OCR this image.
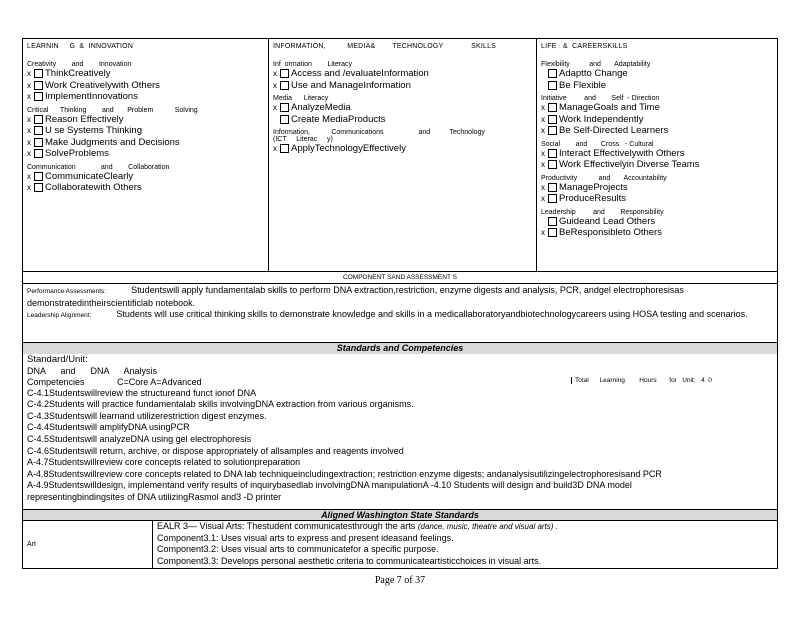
LEARNIN     G  &  INNOVATION
Creativity        and        Innovation
x	ThinkCreatively
x	Work Creativelywith Others
x	ImplementInnovations
Critical      Thinking        and       Problem           Solving
x	Reason Effectively
x	U se Systems Thinking
x	Make Judgments and Decisions
x	SolveProblems
Communication             and        Collaboration
x	CommunicateClearly
x	Collaboratewith Others
INFORMATION,          MEDIA&        TECHNOLOGY             SKILLS
Inf  ormation        Literacy
x	Access and /evaluateInformation
x	Use and ManageInformation
Media      Literacy
x	AnalyzeMedia
Create MediaProducts
Information,           Communications                  and          Technology
(ICT     Literac     y)
x	ApplyTechnologyEffectively
LIFE   &  CAREERSKILLS
Flexibility          and       Adaptability
Adaptto Change
Be Flexible
Initiative         and        Self  - Direction
x	ManageGoals and Time
x	Work Independently
x	Be Self-Directed Learners
Social        and       Cross   - Cultural
x	Interact Effectivelywith Others
x	Work Effectivelyin Diverse Teams
Productivity           and       Accountability
x	ManageProjects
x	ProduceResults
Leadership         and        Responsibility
Guideand Lead Others
x	BeResponsibleto Others
COMPONENT SAND ASSESSMENT S
Performance Assessments:	Studentswill apply fundamentalab skills to perform DNA extraction,restriction, enzyme digests and analysis, PCR, andgel electrophoresisas demonstratedintheirscientificlab notebook.
Leadership Alignment:	Students will use critical thinking skills to demonstrate knowledge and skills in a medicallaboratoryandbiotechnologycareers using HOSA testing and scenarios.
Standards and Competencies
Standard/Unit:
DNA      and      DNA      Analysis
Competencies             C=Core A=Advanced	Total      Learning        Hours       for   Unit:   4  0
C-4.1Studentswillreview the structureand funct ionof DNA
C-4.2Students will practice fundamentalab skills involvingDNA extraction from various organisms.
C-4.3Studentswill learnand utilizerestriction digest enzymes.
C-4.4Studentswill amplifyDNA usingPCR
C-4.5Studentswill analyzeDNA using gel electrophoresis
C-4.6Studentswill return, archive, or dispose appropriately of allsamples and reagents involved
A-4.7Studentswillreview core concepts related to solutionpreparation
A-4.8Studentswillreview core concepts related to DNA lab techniqueincludingextraction; restriction enzyme digests; andanalysisutilizingelectrophoresisand PCR
A-4.9Studentswilldesign, implementand verify results of inquirybasedlab involvingDNA manipulationA -4.10 Students will design and build3D DNA model
representingbindingsites of DNA utilizingRasmol and3 -D printer
Aligned Washington State Standards
Art
EALR 3— Visual Arts: Thestudent communicatesthrough the arts (dance, music, theatre and visual arts) .
Component3.1: Uses visual arts to express and present ideasand feelings.
Component3.2: Uses visual arts to communicatefor a specific purpose.
Component3.3: Develops personal aesthetic criteria to communicateartisticchoices in visual arts.
Page 7 of 37
